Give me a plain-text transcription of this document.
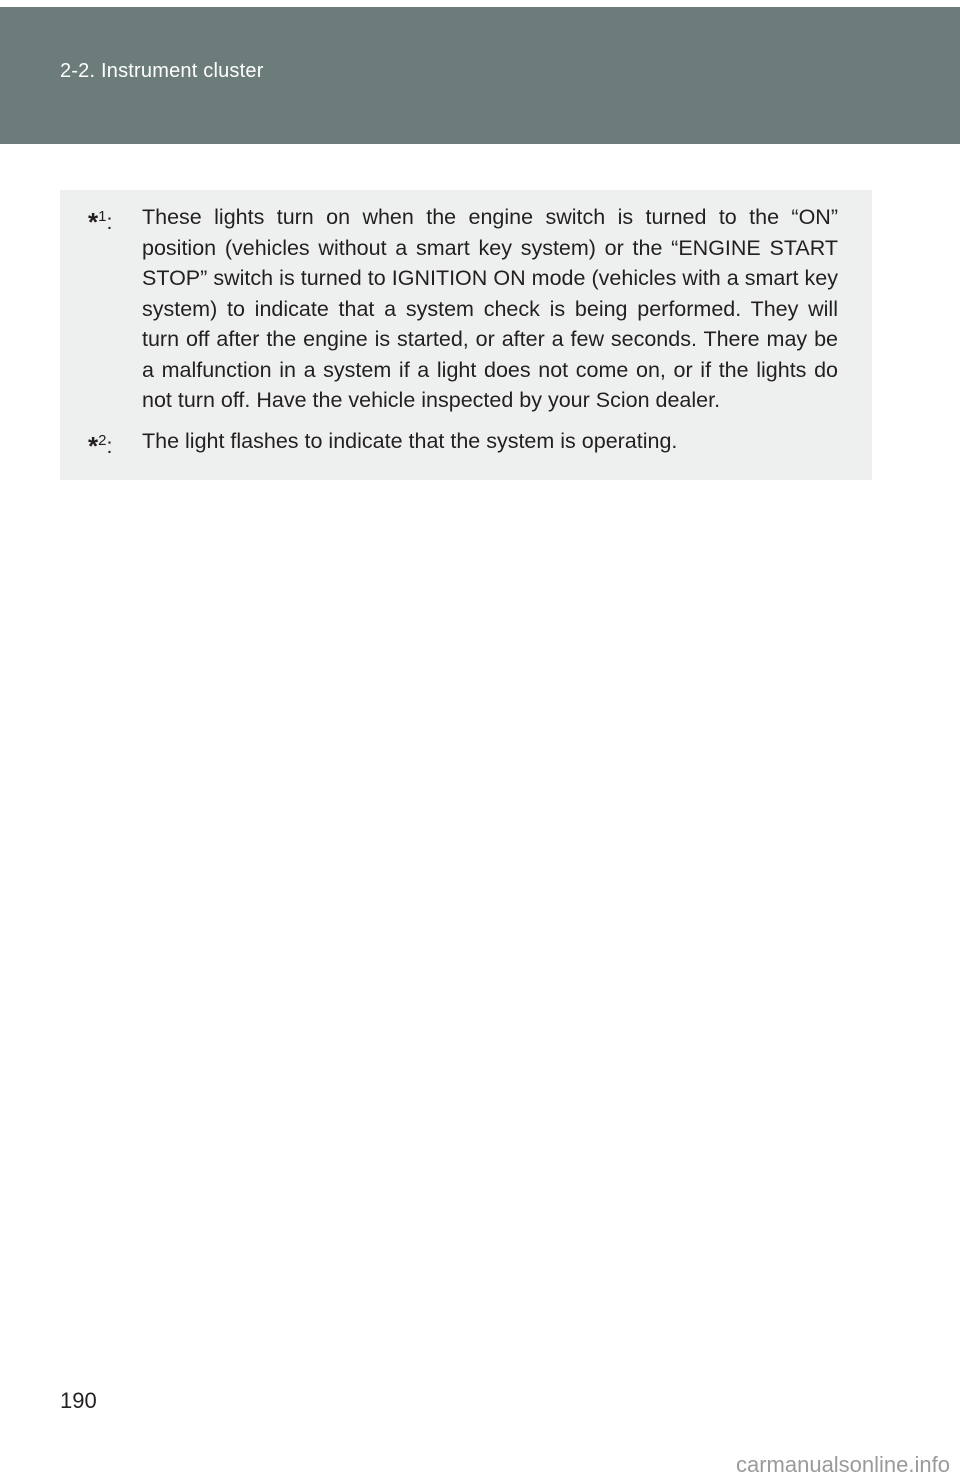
2-2. Instrument cluster
*$^1$: These lights turn on when the engine switch is turned to the “ON” position (vehicles without a smart key system) or the “ENGINE START STOP” switch is turned to IGNITION ON mode (vehicles with a smart key system) to indicate that a system check is being performed. They will turn off after the engine is started, or after a few seconds. There may be a malfunction in a system if a light does not come on, or if the lights do not turn off. Have the vehicle inspected by your Scion dealer.
*$^2$: The light flashes to indicate that the system is operating.
190
carmanualsonline.info
